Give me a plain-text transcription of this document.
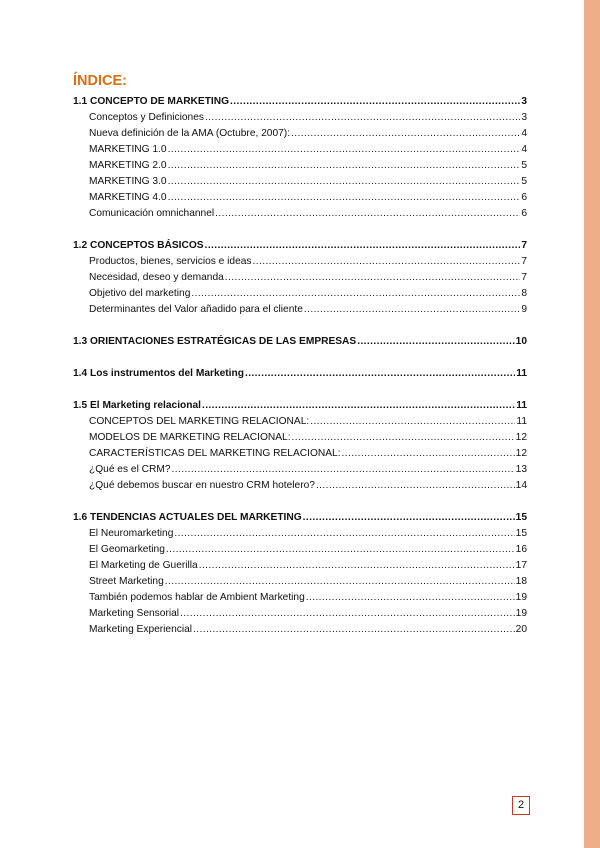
ÍNDICE:
1.1 CONCEPTO DE MARKETING .....	3
Conceptos y Definiciones .....	3
Nueva definición de la AMA (Octubre, 2007): .....	4
MARKETING 1.0 .....	4
MARKETING 2.0 .....	5
MARKETING 3.0 .....	5
MARKETING 4.0 .....	6
Comunicación omnichannel .....	6
1.2 CONCEPTOS BÁSICOS .....	7
Productos, bienes, servicios e ideas .....	7
Necesidad, deseo y demanda .....	7
Objetivo del marketing .....	8
Determinantes del Valor añadido para el cliente .....	9
1.3 ORIENTACIONES ESTRATÉGICAS DE LAS EMPRESAS .....	10
1.4 Los instrumentos del Marketing .....	11
1.5 El Marketing relacional .....	11
CONCEPTOS DEL MARKETING RELACIONAL: .....	11
MODELOS DE MARKETING RELACIONAL: .....	12
CARACTERÍSTICAS DEL MARKETING RELACIONAL: .....	12
¿Qué es el CRM? .....	13
¿Qué debemos buscar en nuestro CRM hotelero? .....	14
1.6 TENDENCIAS ACTUALES DEL MARKETING .....	15
El Neuromarketing .....	15
El Geomarketing .....	16
El Marketing de Guerilla .....	17
Street Marketing .....	18
También podemos hablar de Ambient Marketing .....	19
Marketing Sensorial .....	19
Marketing Experiencial .....	20
2
